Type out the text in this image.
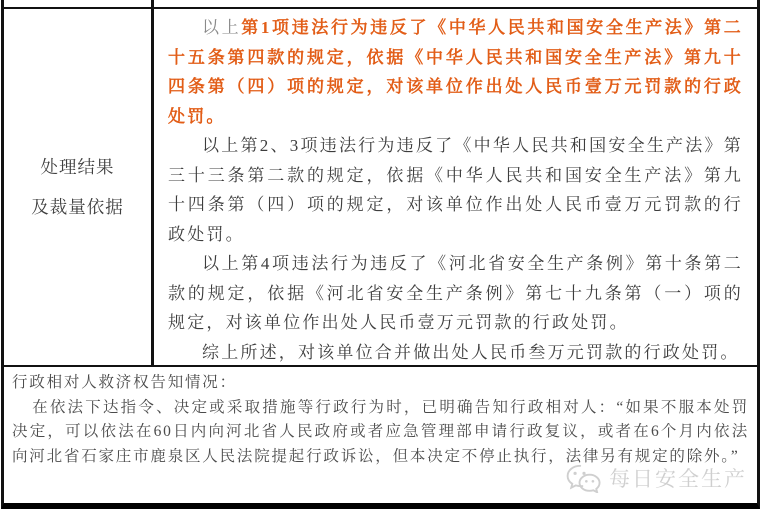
处理结果
及裁量依据

以上第1项违法行为违反了《中华人民共和国安全生产法》第二十五条第四款的规定，依据《中华人民共和国安全生产法》第九十四条第（四）项的规定，对该单位作出处人民币壹万元罚款的行政处罚。

以上第2、3项违法行为违反了《中华人民共和国安全生产法》第三十三条第二款的规定，依据《中华人民共和国安全生产法》第九十四条第（四）项的规定，对该单位作出处人民币壹万元罚款的行政处罚。

以上第4项违法行为违反了《河北省安全生产条例》第十条第二款的规定，依据《河北省安全生产条例》第七十九条第（一）项的规定，对该单位作出处人民币壹万元罚款的行政处罚。

综上所述，对该单位合并做出处人民币叁万元罚款的行政处罚。

行政相对人救济权告知情况：

在依法下达指令、决定或采取措施等行政行为时，已明确告知行政相对人：“如果不服本处罚决定，可以依法在60日内向河北省人民政府或者应急管理部申请行政复议，或者在6个月内依法向河北省石家庄市鹿泉区人民法院提起行政诉讼，但本决定不停止执行，法律另有规定的除外。”

每日安全生产
